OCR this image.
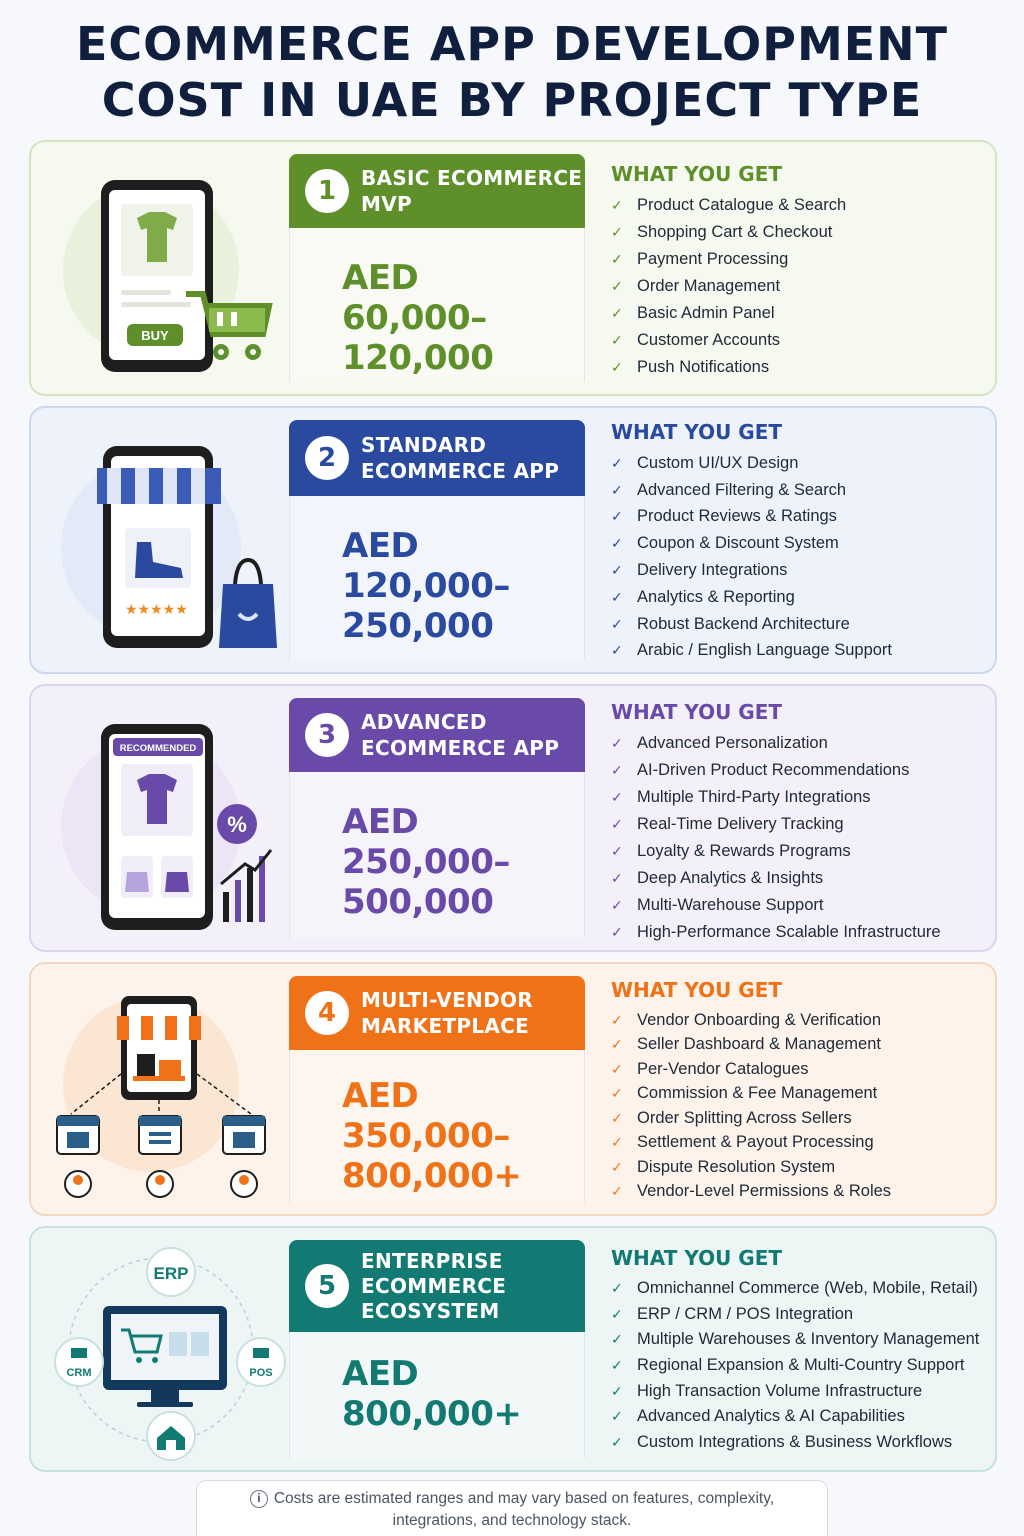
ECOMMERCE APP DEVELOPMENT
COST IN UAE BY PROJECT TYPE
BUY
1	BASIC ECOMMERCE
MVP
AED
60,000–
120,000
WHAT YOU GET
✓ Product Catalogue & Search
✓ Shopping Cart & Checkout
✓ Payment Processing
✓ Order Management
✓ Basic Admin Panel
✓ Customer Accounts
✓ Push Notifications
★★★★★
2	STANDARD
ECOMMERCE APP
AED
120,000–
250,000
WHAT YOU GET
✓ Custom UI/UX Design
✓ Advanced Filtering & Search
✓ Product Reviews & Ratings
✓ Coupon & Discount System
✓ Delivery Integrations
✓ Analytics & Reporting
✓ Robust Backend Architecture
✓ Arabic / English Language Support
RECOMMENDED
%
3	ADVANCED
ECOMMERCE APP
AED
250,000–
500,000
WHAT YOU GET
✓ Advanced Personalization
✓ AI-Driven Product Recommendations
✓ Multiple Third-Party Integrations
✓ Real-Time Delivery Tracking
✓ Loyalty & Rewards Programs
✓ Deep Analytics & Insights
✓ Multi-Warehouse Support
✓ High-Performance Scalable Infrastructure
4	MULTI-VENDOR
MARKETPLACE
AED
350,000–
800,000+
WHAT YOU GET
✓ Vendor Onboarding & Verification
✓ Seller Dashboard & Management
✓ Per-Vendor Catalogues
✓ Commission & Fee Management
✓ Order Splitting Across Sellers
✓ Settlement & Payout Processing
✓ Dispute Resolution System
✓ Vendor-Level Permissions & Roles
ERP
CRM	POS
5
ENTERPRISE
ECOMMERCE
ECOSYSTEM
AED
800,000+
WHAT YOU GET
✓ Omnichannel Commerce (Web, Mobile, Retail)
✓ ERP / CRM / POS Integration
✓ Multiple Warehouses & Inventory Management
✓ Regional Expansion & Multi-Country Support
✓ High Transaction Volume Infrastructure
✓ Advanced Analytics & AI Capabilities
✓ Custom Integrations & Business Workflows
i Costs are estimated ranges and may vary based on features, complexity,
integrations, and technology stack.
